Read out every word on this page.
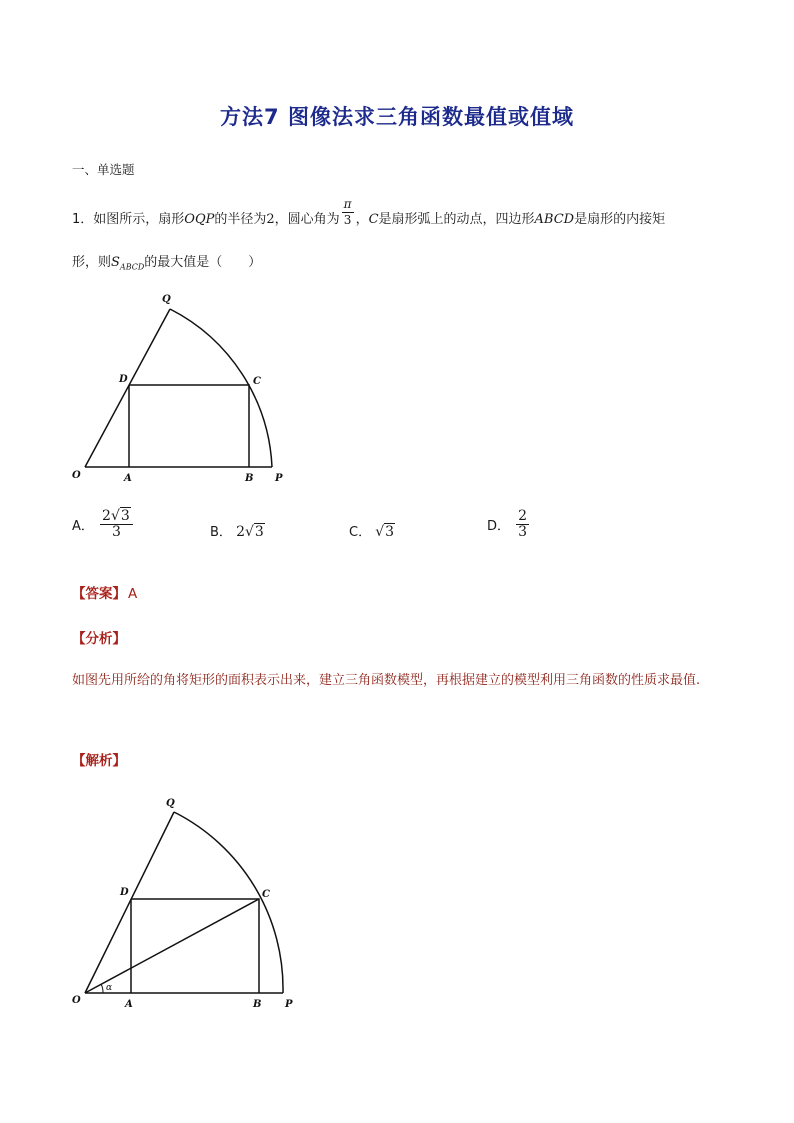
方法7 图像法求三角函数最值或值域
一、单选题
1．如图所示，扇形OQP的半径为2，圆心角为 $\frac{\pi}{3}$ ，C是扇形弧上的动点，四边形ABCD是扇形的内接矩
形，则$S_{ABCD}$的最大值是（　　）
O	A	B P
Q
C
D
A． $\frac{2√3}{3}$	B． 2√3	C． √3	D． $\frac{2}{3}$
【答案】 A
【分析】
如图先用所给的角将矩形的面积表示出来，建立三角函数模型，再根据建立的模型利用三角函数的性质求最值.
【解析】
O	A	B P
Q
C
D
α
